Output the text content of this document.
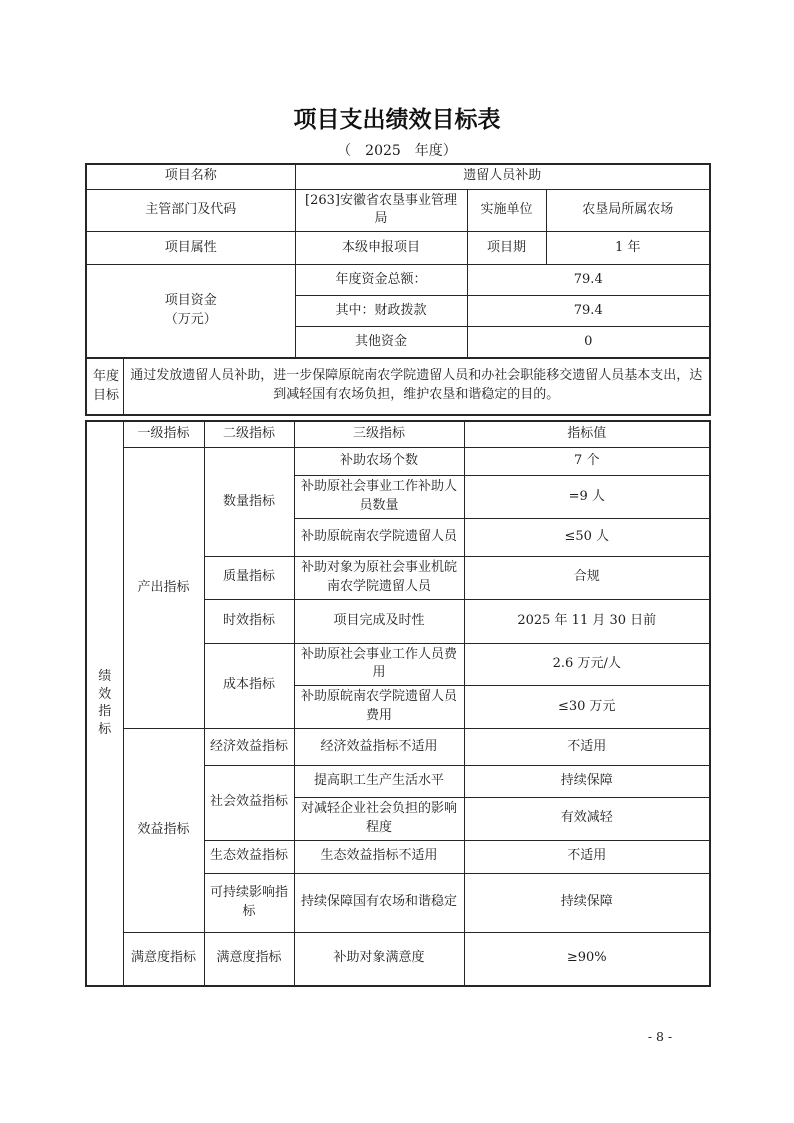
项目支出绩效目标表
（　2025　年度）
项目名称	遗留人员补助		
主管部门及代码	[263]安徽省农垦事业管理局	实施单位	农垦局所属农场
项目属性	本级申报项目	项目期	1 年

项目资金
（万元）	年度资金总额：	79.4	
	其中：财政拨款	79.4	
	其他资金	0	
年度目标
	通过发放遗留人员补助，进一步保障原皖南农学院遗留人员和办社会职能移交遗留人员基本支出，达到减轻国有农场负担，维护农垦和谐稳定的目的。
绩效指标	一级指标	二级指标	三级指标	指标值
	产出指标	数量指标	补助农场个数	7 个
			补助原社会事业工作补助人员数量	=9 人
			补助原皖南农学院遗留人员	≤50 人
		质量指标	补助对象为原社会事业机皖南农学院遗留人员	合规
		时效指标	项目完成及时性	2025 年 11 月 30 日前
		成本指标	补助原社会事业工作人员费用	2.6 万元/人
			补助原皖南农学院遗留人员费用	≤30 万元
	效益指标	经济效益指标	经济效益指标不适用	不适用
		社会效益指标	提高职工生产生活水平	持续保障
			对减轻企业社会负担的影响程度	有效减轻
		生态效益指标	生态效益指标不适用	不适用
		可持续影响指标	持续保障国有农场和谐稳定	持续保障
	满意度指标	满意度指标	补助对象满意度	≥90%
- 8 -
